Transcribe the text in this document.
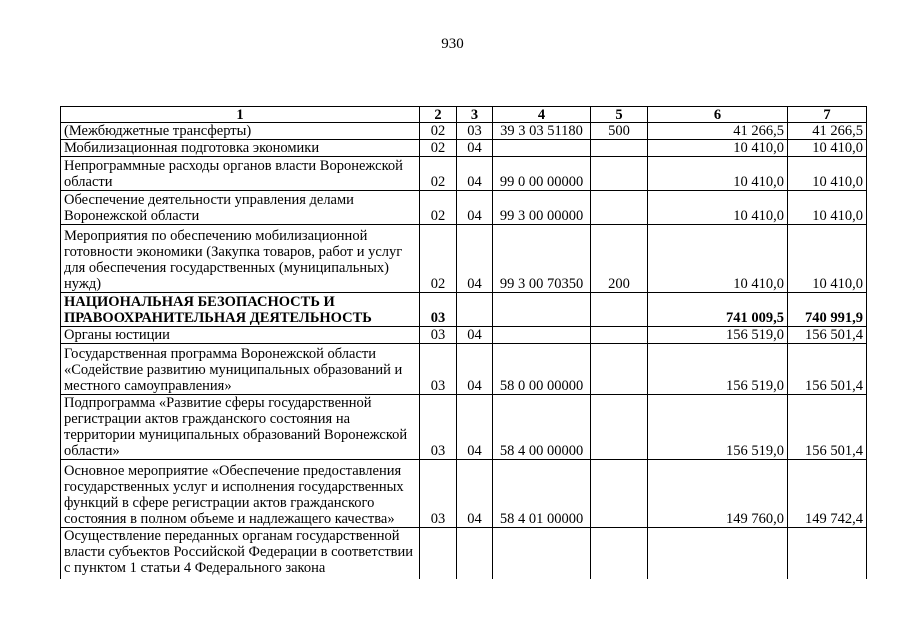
930
1	2	3	4	5	6	7
(Межбюджетные трансферты)	02	03	39 3 03 51180	500	41 266,5	41 266,5
Мобилизационная подготовка экономики	02	04			10 410,0	10 410,0
Непрограммные расходы органов власти Воронежской области	02	04	99 0 00 00000		10 410,0	10 410,0
Обеспечение деятельности управления делами Воронежской области	02	04	99 3 00 00000		10 410,0	10 410,0
Мероприятия по обеспечению мобилизационной готовности экономики (Закупка товаров, работ и услуг для обеспечения государственных (муниципальных) нужд)	02	04	99 3 00 70350	200	10 410,0	10 410,0
НАЦИОНАЛЬНАЯ БЕЗОПАСНОСТЬ И ПРАВООХРАНИТЕЛЬНАЯ ДЕЯТЕЛЬНОСТЬ	03				741 009,5	740 991,9
Органы юстиции	03	04			156 519,0	156 501,4
Государственная программа Воронежской области «Содействие развитию муниципальных образований и местного самоуправления»	03	04	58 0 00 00000		156 519,0	156 501,4
Подпрограмма «Развитие сферы государственной регистрации актов гражданского состояния на территории муниципальных образований Воронежской области»	03	04	58 4 00 00000		156 519,0	156 501,4
Основное мероприятие «Обеспечение предоставления государственных услуг и исполнения государственных функций в сфере регистрации актов гражданского состояния в полном объеме и надлежащего качества»	03	04	58 4 01 00000		149 760,0	149 742,4
Осуществление переданных органам государственной власти субъектов Российской Федерации в соответствии с пунктом 1 статьи 4 Федерального закона						
